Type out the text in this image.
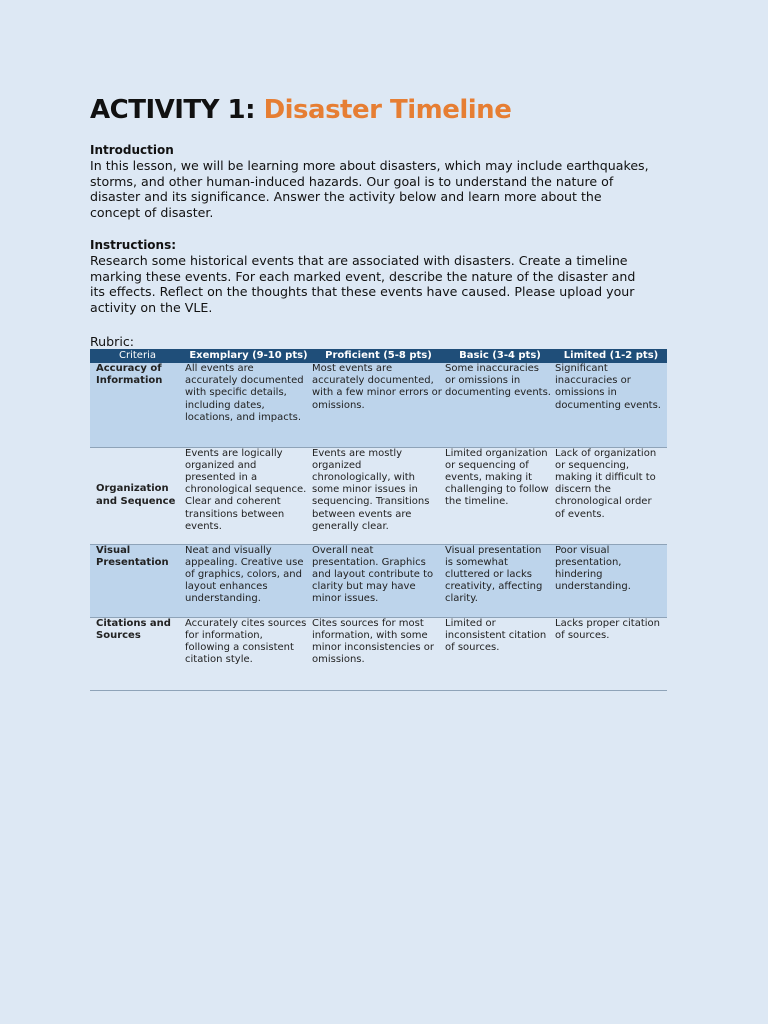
ACTIVITY 1: Disaster Timeline

Introduction

In this lesson, we will be learning more about disasters, which may include earthquakes,

storms, and other human-induced hazards. Our goal is to understand the nature of

disaster and its significance. Answer the activity below and learn more about the

concept of disaster.

Instructions:

Research some historical events that are associated with disasters. Create a timeline

marking these events. For each marked event, describe the nature of the disaster and

its effects. Reflect on the thoughts that these events have caused. Please upload your

activity on the VLE.

Rubric:
Criteria	Exemplary (9-10 pts)	Proficient (5-8 pts)	Basic (3-4 pts)	Limited (1-2 pts)
Accuracy of Information	All events are accurately documented with specific details, including dates, locations, and impacts.	Most events are accurately documented, with a few minor errors or omissions.	Some inaccuracies or omissions in documenting events.	Significant inaccuracies or omissions in documenting events.
Organization and Sequence	Events are logically organized and presented in a chronological sequence. Clear and coherent transitions between events.	Events are mostly organized chronologically, with some minor issues in sequencing. Transitions between events are generally clear.	Limited organization or sequencing of events, making it challenging to follow the timeline.	Lack of organization or sequencing, making it difficult to discern the chronological order of events.
Visual Presentation	Neat and visually appealing. Creative use of graphics, colors, and layout enhances understanding.	Overall neat presentation. Graphics and layout contribute to clarity but may have minor issues.	Visual presentation is somewhat cluttered or lacks creativity, affecting clarity.	Poor visual presentation, hindering understanding.
Citations and Sources	Accurately cites sources for information, following a consistent citation style.	Cites sources for most information, with some minor inconsistencies or omissions.	Limited or inconsistent citation of sources.	Lacks proper citation of sources.
